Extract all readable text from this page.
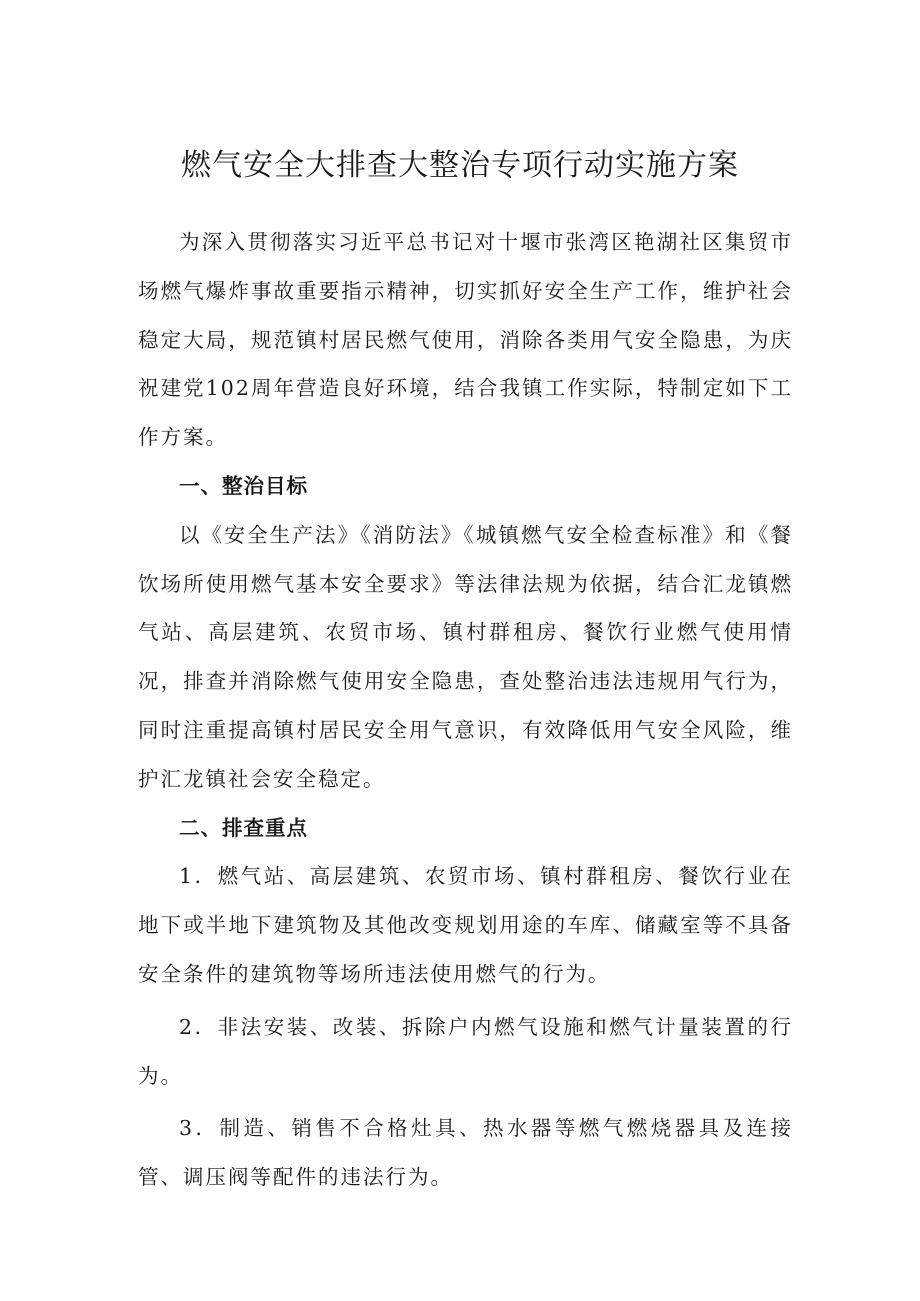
燃气安全大排查大整治专项行动实施方案

为深入贯彻落实习近平总书记对十堰市张湾区艳湖社区集贸市场燃气爆炸事故重要指示精神，切实抓好安全生产工作，维护社会稳定大局，规范镇村居民燃气使用，消除各类用气安全隐患，为庆祝建党102周年营造良好环境，结合我镇工作实际，特制定如下工作方案。

一、整治目标

以《安全生产法》《消防法》《城镇燃气安全检查标准》和《餐饮场所使用燃气基本安全要求》等法律法规为依据，结合汇龙镇燃气站、高层建筑、农贸市场、镇村群租房、餐饮行业燃气使用情况，排查并消除燃气使用安全隐患，查处整治违法违规用气行为，同时注重提高镇村居民安全用气意识，有效降低用气安全风险，维护汇龙镇社会安全稳定。

二、排查重点

1．燃气站、高层建筑、农贸市场、镇村群租房、餐饮行业在地下或半地下建筑物及其他改变规划用途的车库、储藏室等不具备安全条件的建筑物等场所违法使用燃气的行为。

2．非法安装、改装、拆除户内燃气设施和燃气计量装置的行为。

3．制造、销售不合格灶具、热水器等燃气燃烧器具及连接管、调压阀等配件的违法行为。
